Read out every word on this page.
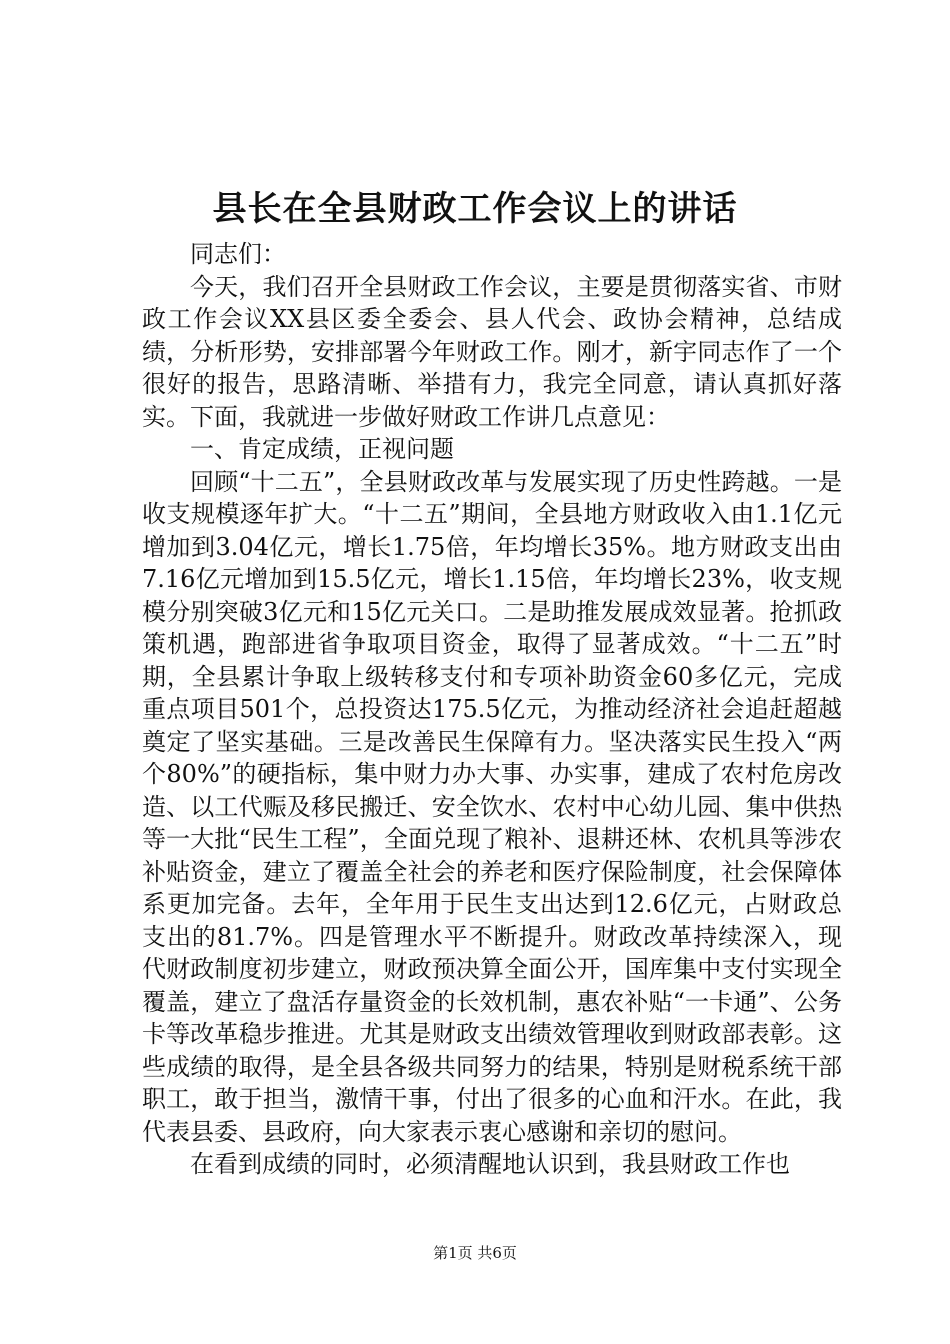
县长在全县财政工作会议上的讲话

同志们：

今天，我们召开全县财政工作会议，主要是贯彻落实省、市财政工作会议XX县区委全委会、县人代会、政协会精神，总结成绩，分析形势，安排部署今年财政工作。刚才，新宇同志作了一个很好的报告，思路清晰、举措有力，我完全同意，请认真抓好落实。下面，我就进一步做好财政工作讲几点意见：

一、肯定成绩，正视问题

回顾“十二五”，全县财政改革与发展实现了历史性跨越。一是收支规模逐年扩大。“十二五”期间，全县地方财政收入由1.1亿元增加到3.04亿元，增长1.75倍，年均增长35%。地方财政支出由7.16亿元增加到15.5亿元，增长1.15倍，年均增长23%，收支规模分别突破3亿元和15亿元关口。二是助推发展成效显著。抢抓政策机遇，跑部进省争取项目资金，取得了显著成效。“十二五”时期，全县累计争取上级转移支付和专项补助资金60多亿元，完成重点项目501个，总投资达175.5亿元，为推动经济社会追赶超越奠定了坚实基础。三是改善民生保障有力。坚决落实民生投入“两个80%”的硬指标，集中财力办大事、办实事，建成了农村危房改造、以工代赈及移民搬迁、安全饮水、农村中心幼儿园、集中供热等一大批“民生工程”，全面兑现了粮补、退耕还林、农机具等涉农补贴资金，建立了覆盖全社会的养老和医疗保险制度，社会保障体系更加完备。去年，全年用于民生支出达到12.6亿元，占财政总支出的81.7%。四是管理水平不断提升。财政改革持续深入，现代财政制度初步建立，财政预决算全面公开，国库集中支付实现全覆盖，建立了盘活存量资金的长效机制，惠农补贴“一卡通”、公务卡等改革稳步推进。尤其是财政支出绩效管理收到财政部表彰。这些成绩的取得，是全县各级共同努力的结果，特别是财税系统干部职工，敢于担当，激情干事，付出了很多的心血和汗水。在此，我代表县委、县政府，向大家表示衷心感谢和亲切的慰问。

在看到成绩的同时，必须清醒地认识到，我县财政工作也

第1页 共6页
